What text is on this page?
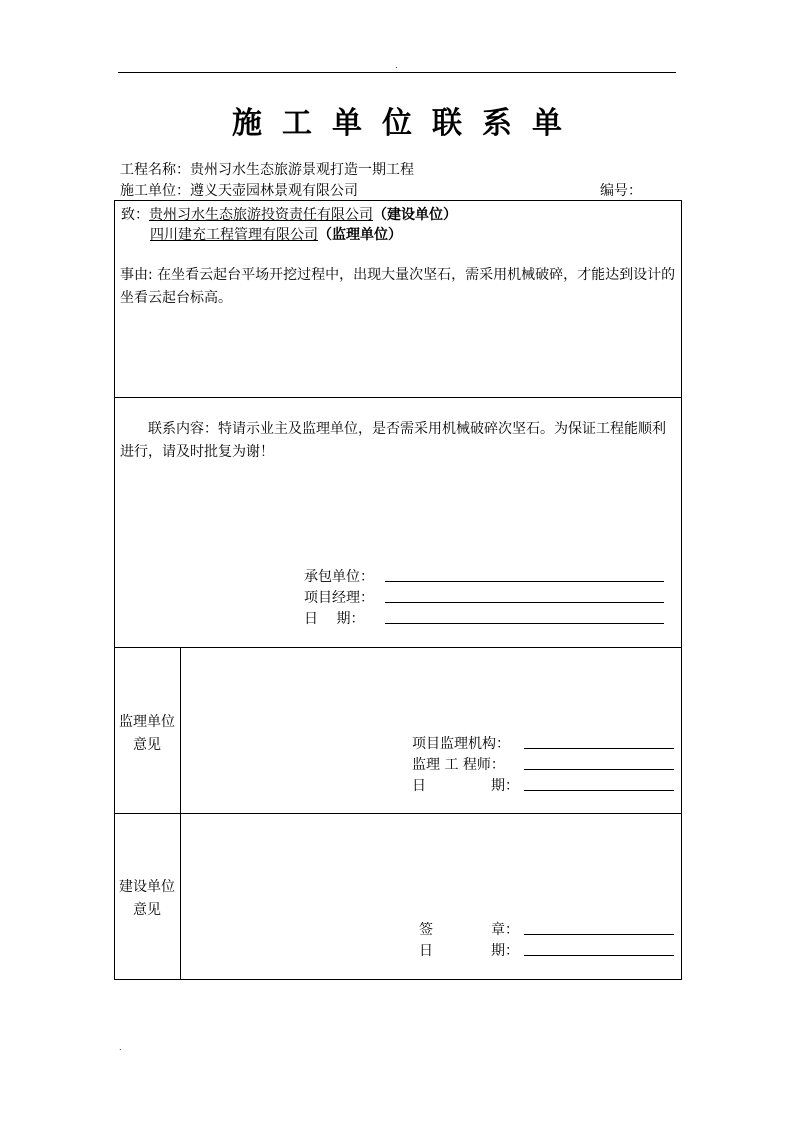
.
施工单位联系单
工程名称：贵州习水生态旅游景观打造一期工程
施工单位：遵义天壶园林景观有限公司	编号：
致：贵州习水生态旅游投资责任有限公司（建设单位）
四川建充工程管理有限公司（监理单位）
事由: 在坐看云起台平场开挖过程中，出现大量次坚石，需采用机械破碎，才能达到设计的坐看云起台标高。
联系内容：特请示业主及监理单位，是否需采用机械破碎次坚石。为保证工程能顺利进行，请及时批复为谢！
承包单位：
项目经理：
日　 期：
监理单位意见	项目监理机构：
监理 工 程师：
日	期：
建设单位意见
签	章：
日	期：
.
